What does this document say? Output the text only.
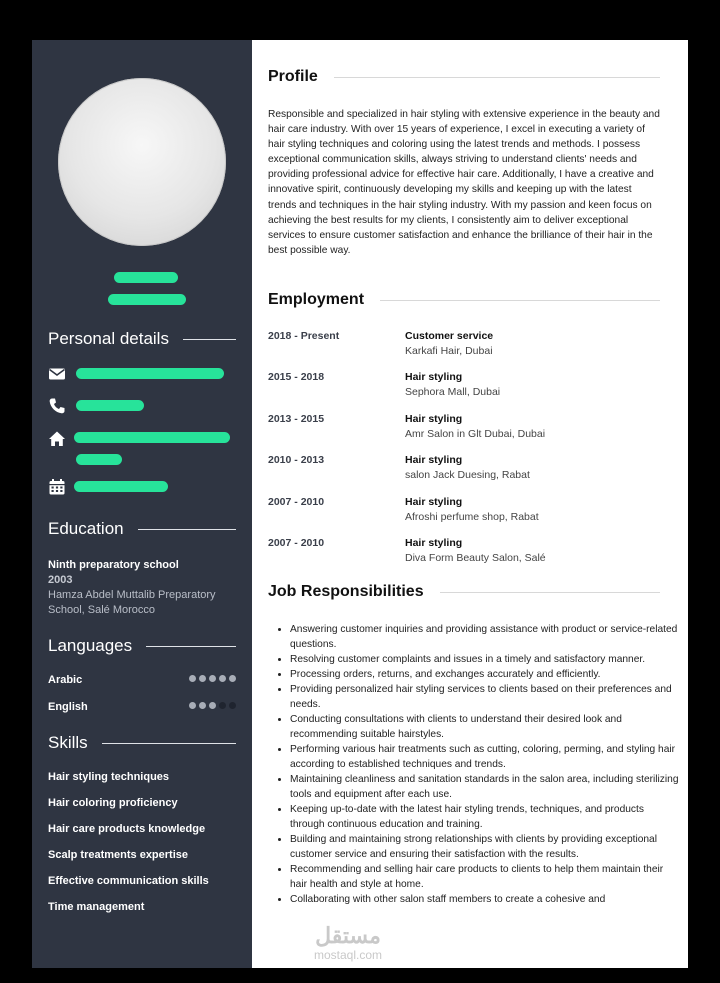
Personal details
Education
Ninth preparatory school
2003
Hamza Abdel Muttalib Preparatory School, Salé Morocco
Languages
Arabic
English
Skills
Hair styling techniques
Hair coloring proficiency
Hair care products knowledge
Scalp treatments expertise
Effective communication skills
Time management
Profile
Responsible and specialized in hair styling with extensive experience in the beauty and hair care industry. With over 15 years of experience, I excel in executing a variety of hair styling techniques and coloring using the latest trends and methods. I possess exceptional communication skills, always striving to understand clients' needs and providing professional advice for effective hair care. Additionally, I have a creative and innovative spirit, continuously developing my skills and keeping up with the latest trends and techniques in the hair styling industry. With my passion and keen focus on achieving the best results for my clients, I consistently aim to deliver exceptional services to ensure customer satisfaction and enhance the brilliance of their hair in the best possible way.
Employment
2018 - Present	Customer service
Karkafi Hair, Dubai
2015 - 2018	Hair styling
Sephora Mall, Dubai
2013 - 2015	Hair styling
Amr Salon in Glt Dubai, Dubai
2010 - 2013	Hair styling
salon Jack Duesing, Rabat
2007 - 2010	Hair styling
Afroshi perfume shop, Rabat
2007 - 2010	Hair styling
Diva Form Beauty Salon, Salé
Job Responsibilities
• Answering customer inquiries and providing assistance with product or service-related questions.
• Resolving customer complaints and issues in a timely and satisfactory manner.
• Processing orders, returns, and exchanges accurately and efficiently.
• Providing personalized hair styling services to clients based on their preferences and needs.
• Conducting consultations with clients to understand their desired look and recommending suitable hairstyles.
• Performing various hair treatments such as cutting, coloring, perming, and styling hair according to established techniques and trends.
• Maintaining cleanliness and sanitation standards in the salon area, including sterilizing tools and equipment after each use.
• Keeping up-to-date with the latest hair styling trends, techniques, and products through continuous education and training.
• Building and maintaining strong relationships with clients by providing exceptional customer service and ensuring their satisfaction with the results.
• Recommending and selling hair care products to clients to help them maintain their hair health and style at home.
• Collaborating with other salon staff members to create a cohesive and
مستقل
mostaql.com
